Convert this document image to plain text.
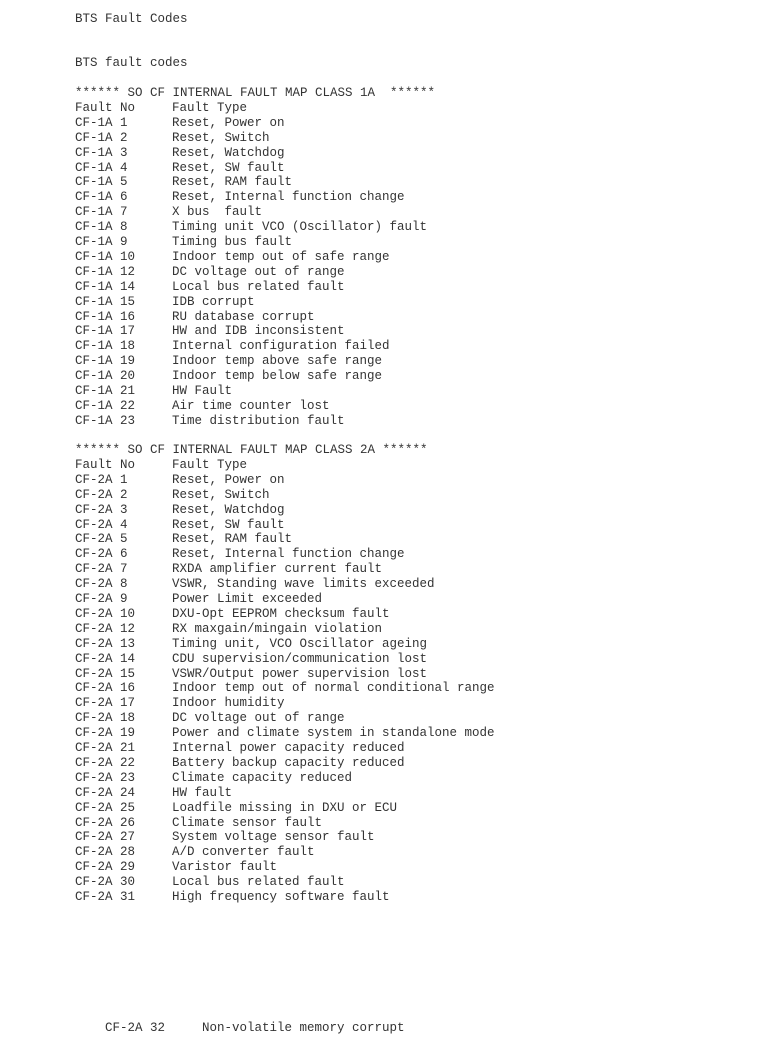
BTS Fault Codes
BTS fault codes
****** SO CF INTERNAL FAULT MAP CLASS 1A  ******
Fault No	Fault Type
CF-1A 1	Reset, Power on
CF-1A 2	Reset, Switch
CF-1A 3	Reset, Watchdog
CF-1A 4	Reset, SW fault
CF-1A 5	Reset, RAM fault
CF-1A 6	Reset, Internal function change
CF-1A 7	X bus  fault
CF-1A 8	Timing unit VCO (Oscillator) fault
CF-1A 9	Timing bus fault
CF-1A 10	Indoor temp out of safe range
CF-1A 12	DC voltage out of range
CF-1A 14	Local bus related fault
CF-1A 15	IDB corrupt
CF-1A 16	RU database corrupt
CF-1A 17	HW and IDB inconsistent
CF-1A 18	Internal configuration failed
CF-1A 19	Indoor temp above safe range
CF-1A 20	Indoor temp below safe range
CF-1A 21	HW Fault
CF-1A 22	Air time counter lost
CF-1A 23	Time distribution fault
****** SO CF INTERNAL FAULT MAP CLASS 2A ******
Fault No	Fault Type
CF-2A 1	Reset, Power on
CF-2A 2	Reset, Switch
CF-2A 3	Reset, Watchdog
CF-2A 4	Reset, SW fault
CF-2A 5	Reset, RAM fault
CF-2A 6	Reset, Internal function change
CF-2A 7	RXDA amplifier current fault
CF-2A 8	VSWR, Standing wave limits exceeded
CF-2A 9	Power Limit exceeded
CF-2A 10	DXU-Opt EEPROM checksum fault
CF-2A 12	RX maxgain/mingain violation
CF-2A 13	Timing unit, VCO Oscillator ageing
CF-2A 14	CDU supervision/communication lost
CF-2A 15	VSWR/Output power supervision lost
CF-2A 16	Indoor temp out of normal conditional range
CF-2A 17	Indoor humidity
CF-2A 18	DC voltage out of range
CF-2A 19	Power and climate system in standalone mode
CF-2A 21	Internal power capacity reduced
CF-2A 22	Battery backup capacity reduced
CF-2A 23	Climate capacity reduced
CF-2A 24	HW fault
CF-2A 25	Loadfile missing in DXU or ECU
CF-2A 26	Climate sensor fault
CF-2A 27	System voltage sensor fault
CF-2A 28	A/D converter fault
CF-2A 29	Varistor fault
CF-2A 30	Local bus related fault
CF-2A 31	High frequency software fault

CF-2A 32	Non-volatile memory corrupt
